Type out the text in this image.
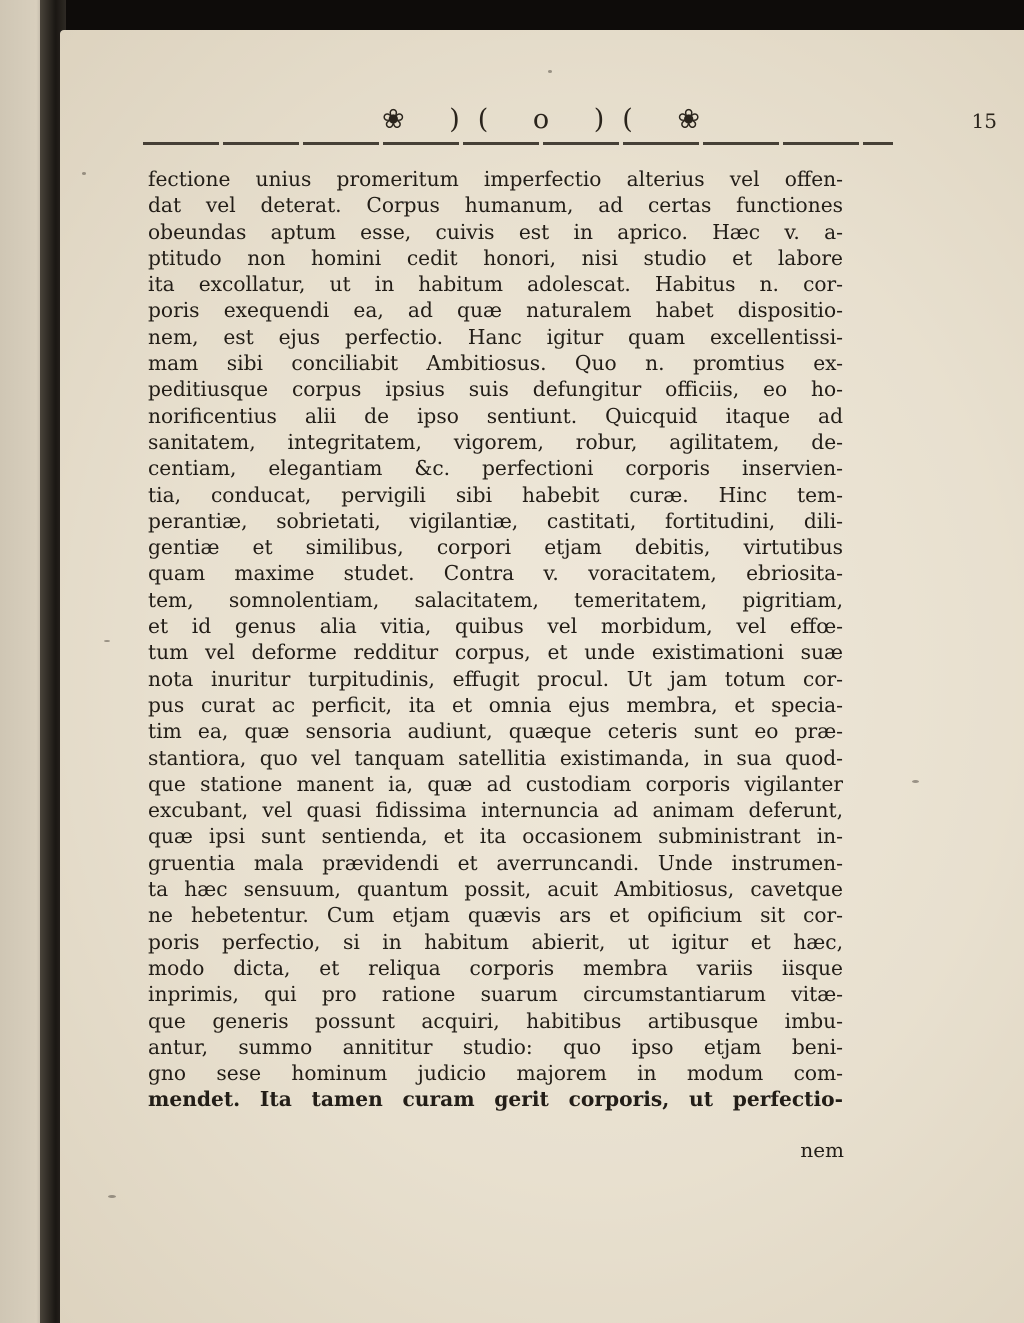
❀ )( o )( ❀	15
fectione unius promeritum imperfectio alterius vel offen-
dat vel deterat. Corpus humanum, ad certas functiones
obeundas aptum esse, cuivis est in aprico. Hæc v. a-
ptitudo non homini cedit honori, nisi studio et labore
ita excollatur, ut in habitum adolescat. Habitus n. cor-
poris exequendi ea, ad quæ naturalem habet dispositio-
nem, est ejus perfectio. Hanc igitur quam excellentissi-
mam sibi conciliabit Ambitiosus. Quo n. promtius ex-
peditiusque corpus ipsius suis defungitur officiis, eo ho-
norificentius alii de ipso sentiunt. Quicquid itaque ad
sanitatem, integritatem, vigorem, robur, agilitatem, de-
centiam, elegantiam &c. perfectioni corporis inservien-
tia, conducat, pervigili sibi habebit curæ. Hinc tem-
perantiæ, sobrietati, vigilantiæ, castitati, fortitudini, dili-
gentiæ et similibus, corpori etjam debitis, virtutibus
quam maxime studet. Contra v. voracitatem, ebriosita-
tem, somnolentiam, salacitatem, temeritatem, pigritiam,
et id genus alia vitia, quibus vel morbidum, vel effœ-
tum vel deforme redditur corpus, et unde existimationi suæ
nota inuritur turpitudinis, effugit procul. Ut jam totum cor-
pus curat ac perficit, ita et omnia ejus membra, et specia-
tim ea, quæ sensoria audiunt, quæque ceteris sunt eo præ-
stantiora, quo vel tanquam satellitia existimanda, in sua quod-
que statione manent ia, quæ ad custodiam corporis vigilanter
excubant, vel quasi fidissima internuncia ad animam deferunt,
quæ ipsi sunt sentienda, et ita occasionem subministrant in-
gruentia mala prævidendi et averruncandi. Unde instrumen-
ta hæc sensuum, quantum possit, acuit Ambitiosus, cavetque
ne hebetentur. Cum etjam quævis ars et opificium sit cor-
poris perfectio, si in habitum abierit, ut igitur et hæc,
modo dicta, et reliqua corporis membra variis iisque
inprimis, qui pro ratione suarum circumstantiarum vitæ-
que generis possunt acquiri, habitibus artibusque imbu-
antur, summo annititur studio: quo ipso etjam beni-
gno sese hominum judicio majorem in modum com-
mendet. Ita tamen curam gerit corporis, ut perfectio-
nem
